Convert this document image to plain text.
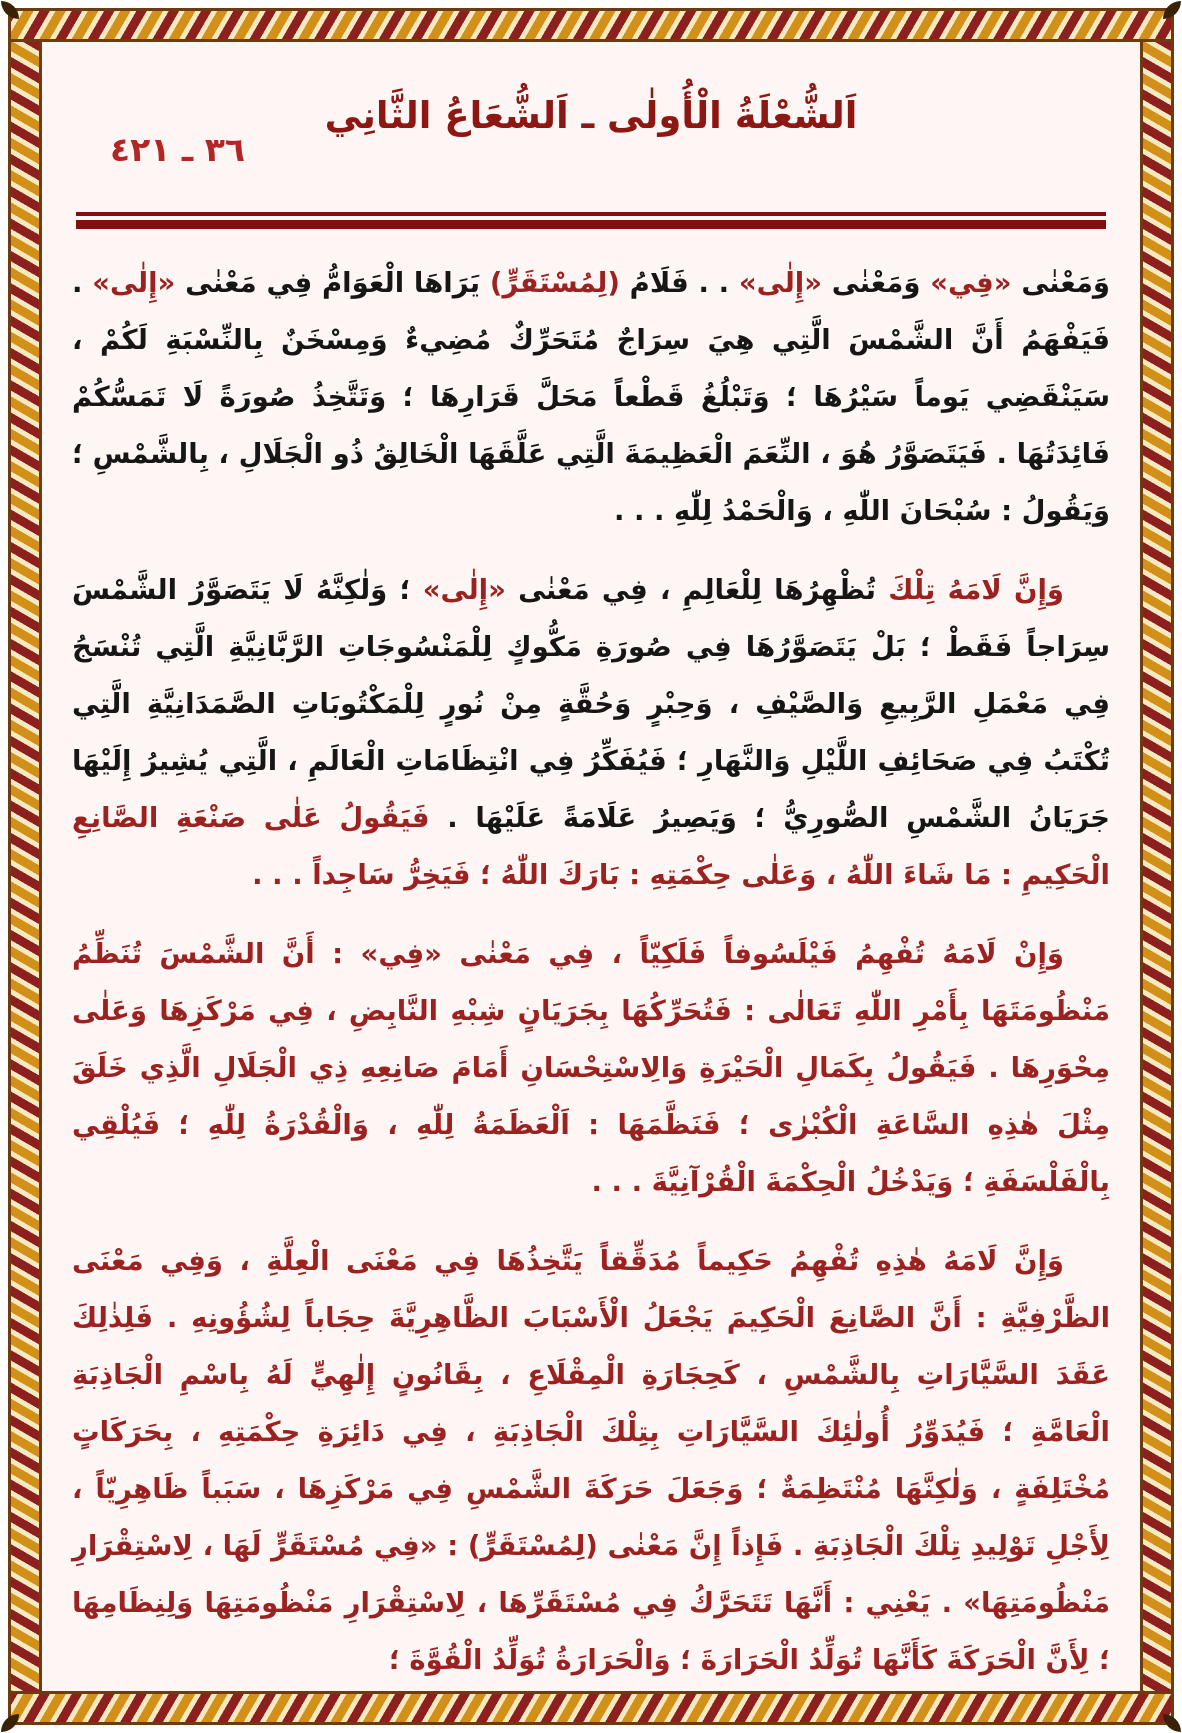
٣٦ ـ ٤٢١
اَلشُّعْلَةُ الْأُولٰى ـ اَلشُّعَاعُ الثَّانِي

وَمَعْنٰى «فِي» وَمَعْنٰى «إِلٰى» . . فَلَامُ (لِمُسْتَقَرٍّ) يَرَاهَا الْعَوَامُّ فِي مَعْنٰى «إِلٰى» . فَيَفْهَمُ أَنَّ الشَّمْسَ الَّتِي هِيَ سِرَاجٌ مُتَحَرِّكٌ مُضِيءٌ وَمِسْخَنٌ بِالنِّسْبَةِ لَكُمْ ، سَيَنْقَضِي يَوماً سَيْرُهَا ؛ وَتَبْلُغُ قَطْعاً مَحَلَّ قَرَارِهَا ؛ وَتَتَّخِذُ صُورَةً لَا تَمَسُّكُمْ فَائِدَتُهَا . فَيَتَصَوَّرُ هُوَ ، النِّعَمَ الْعَظِيمَةَ الَّتِي عَلَّقَهَا الْخَالِقُ ذُو الْجَلَالِ ، بِالشَّمْسِ ؛ وَيَقُولُ : سُبْحَانَ اللّٰهِ ، وَالْحَمْدُ لِلّٰهِ . . .

وَإِنَّ لَامَهُ تِلْكَ تُظْهِرُهَا لِلْعَالِمِ ، فِي مَعْنٰى «إِلٰى» ؛ وَلٰكِنَّهُ لَا يَتَصَوَّرُ الشَّمْسَ سِرَاجاً فَقَطْ ؛ بَلْ يَتَصَوَّرُهَا فِي صُورَةِ مَكُّوكٍ لِلْمَنْسُوجَاتِ الرَّبَّانِيَّةِ الَّتِي تُنْسَجُ فِي مَعْمَلِ الرَّبِيعِ وَالصَّيْفِ ، وَحِبْرٍ وَحُقَّةٍ مِنْ نُورٍ لِلْمَكْتُوبَاتِ الصَّمَدَانِيَّةِ الَّتِي تُكْتَبُ فِي صَحَائِفِ اللَّيْلِ وَالنَّهَارِ ؛ فَيُفَكِّرُ فِي انْتِظَامَاتِ الْعَالَمِ ، الَّتِي يُشِيرُ إِلَيْهَا جَرَيَانُ الشَّمْسِ الصُّورِيُّ ؛ وَيَصِيرُ عَلَامَةً عَلَيْهَا . فَيَقُولُ عَلٰى صَنْعَةِ الصَّانِعِ الْحَكِيمِ : مَا شَاءَ اللّٰهُ ، وَعَلٰى حِكْمَتِهِ : بَارَكَ اللّٰهُ ؛ فَيَخِرُّ سَاجِداً . . .

وَإِنْ لَامَهُ تُفْهِمُ فَيْلَسُوفاً فَلَكِيّاً ، فِي مَعْنٰى «فِي» : أَنَّ الشَّمْسَ تُنَظِّمُ مَنْظُومَتَهَا بِأَمْرِ اللّٰهِ تَعَالٰى : فَتُحَرِّكُهَا بِجَرَيَانٍ شِبْهِ النَّابِضِ ، فِي مَرْكَزِهَا وَعَلٰى مِحْوَرِهَا . فَيَقُولُ بِكَمَالِ الْحَيْرَةِ وَالِاسْتِحْسَانِ أَمَامَ صَانِعِهِ ذِي الْجَلَالِ الَّذِي خَلَقَ مِثْلَ هٰذِهِ السَّاعَةِ الْكُبْرٰى ؛ فَنَظَّمَهَا : اَلْعَظَمَةُ لِلّٰهِ ، وَالْقُدْرَةُ لِلّٰهِ ؛ فَيُلْقِي بِالْفَلْسَفَةِ ؛ وَيَدْخُلُ الْحِكْمَةَ الْقُرْآنِيَّةَ . . .

وَإِنَّ لَامَهُ هٰذِهِ تُفْهِمُ حَكِيماً مُدَقِّقاً يَتَّخِذُهَا فِي مَعْنَى الْعِلَّةِ ، وَفِي مَعْنَى الظَّرْفِيَّةِ : أَنَّ الصَّانِعَ الْحَكِيمَ يَجْعَلُ الْأَسْبَابَ الظَّاهِرِيَّةَ حِجَاباً لِشُؤُونِهِ . فَلِذٰلِكَ عَقَدَ السَّيَّارَاتِ بِالشَّمْسِ ، كَحِجَارَةِ الْمِقْلَاعِ ، بِقَانُونٍ إِلٰهِيٍّ لَهُ بِاسْمِ الْجَاذِبَةِ الْعَامَّةِ ؛ فَيُدَوِّرُ أُولٰئِكَ السَّيَّارَاتِ بِتِلْكَ الْجَاذِبَةِ ، فِي دَائِرَةِ حِكْمَتِهِ ، بِحَرَكَاتٍ مُخْتَلِفَةٍ ، وَلٰكِنَّهَا مُنْتَظِمَةٌ ؛ وَجَعَلَ حَرَكَةَ الشَّمْسِ فِي مَرْكَزِهَا ، سَبَباً ظَاهِرِيّاً ، لِأَجْلِ تَوْلِيدِ تِلْكَ الْجَاذِبَةِ . فَإِذاً إِنَّ مَعْنٰى (لِمُسْتَقَرٍّ) : «فِي مُسْتَقَرٍّ لَهَا ، لِاسْتِقْرَارِ مَنْظُومَتِهَا» . يَعْنِي : أَنَّهَا تَتَحَرَّكُ فِي مُسْتَقَرِّهَا ، لِاسْتِقْرَارِ مَنْظُومَتِهَا وَلِنِظَامِهَا ؛ لِأَنَّ الْحَرَكَةَ كَأَنَّهَا تُوَلِّدُ الْحَرَارَةَ ؛ وَالْحَرَارَةُ تُوَلِّدُ الْقُوَّةَ ؛
